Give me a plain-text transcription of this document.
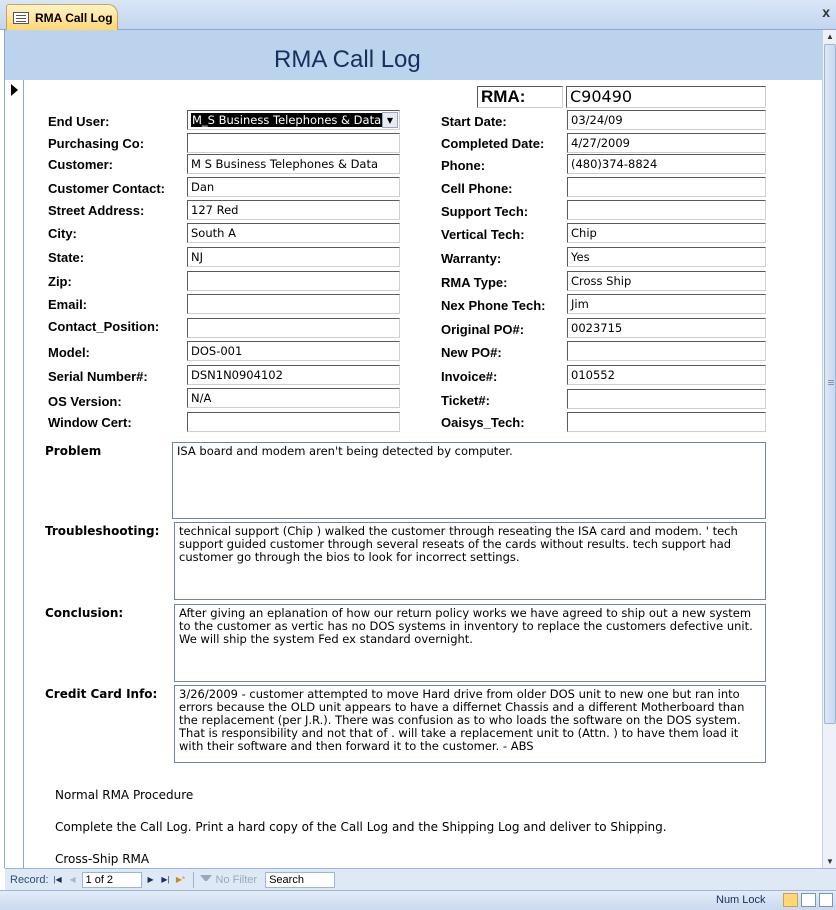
RMA Call Log	x
RMA Call Log
RMA:	C90490
End User:	M_S Business Telephones & Data ▼
Purchasing Co:
Customer:	M S Business Telephones & Data
Customer Contact:	Dan
Street Address:	127 Red
City:	South A
State:	NJ
Zip:
Email:
Contact_Position:
Model:	DOS-001
Serial Number#:	DSN1N0904102
OS Version:	N/A
Window Cert:
Start Date:	03/24/09
Completed Date:	4/27/2009
Phone:	(480)374-8824
Cell Phone:
Support Tech:
Vertical Tech:	Chip
Warranty:	Yes
RMA Type:	Cross Ship
Nex Phone Tech:	Jim
Original PO#:	0023715
New PO#:
Invoice#:	010552
Ticket#:
Oaisys_Tech:
Problem	ISA board and modem aren't being detected by computer.
Troubleshooting:	technical support (Chip ) walked the customer through reseating the ISA card and modem. ' tech support guided customer through several reseats of the cards without results. tech support had customer go through the bios to look for incorrect settings.
Conclusion:	After giving an eplanation of how our return policy works we have agreed to ship out a new system to the customer as vertic has no DOS systems in inventory to replace the customers defective unit. We will ship the system Fed ex standard overnight.
Credit Card Info:	3/26/2009 - customer attempted to move Hard drive from older DOS unit to new one but ran into errors because the OLD unit appears to have a differnet Chassis and a different Motherboard than the replacement (per J.R.). There was confusion as to who loads the software on the DOS system. That is responsibility and not that of . will take a replacement unit to (Attn. ) to have them load it with their software and then forward it to the customer. - ABS
Normal RMA Procedure
Complete the Call Log. Print a hard copy of the Call Log and the Shipping Log and deliver to Shipping.
Cross-Ship RMA
▲
▼
Record: |◀ ◀ 1 of 2	▶ ▶| ▶*	No Filter	Search
Num Lock
